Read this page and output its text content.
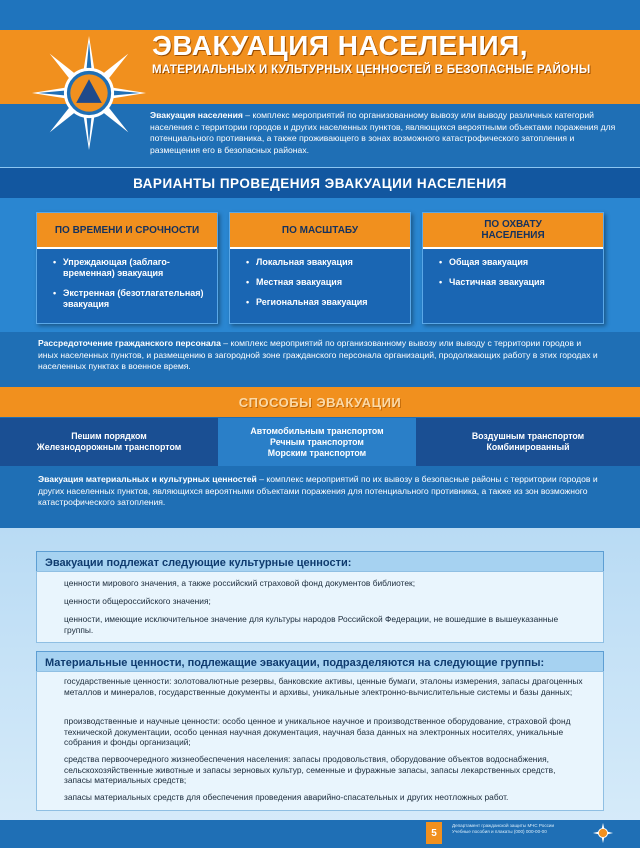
ЭВАКУАЦИЯ НАСЕЛЕНИЯ,
МАТЕРИАЛЬНЫХ И КУЛЬТУРНЫХ ЦЕННОСТЕЙ В БЕЗОПАСНЫЕ РАЙОНЫ
Эвакуация населения – комплекс мероприятий по организованному вывозу или выводу различных категорий населения с территории городов и других населенных пунктов, являющихся вероятными объектами поражения для потенциального противника, а также проживающего в зонах возможного катастрофического затопления и размещения его в безопасных районах.
ВАРИАНТЫ ПРОВЕДЕНИЯ ЭВАКУАЦИИ НАСЕЛЕНИЯ
ПО ВРЕМЕНИ И СРОЧНОСТИ
• Упреждающая (заблаго-временная) эвакуация
• Экстренная (безотлагательная) эвакуация
ПО МАСШТАБУ
• Локальная эвакуация
• Местная эвакуация
• Региональная эвакуация
ПО ОХВАТУ НАСЕЛЕНИЯ
• Общая эвакуация
• Частичная эвакуация
Рассредоточение гражданского персонала – комплекс мероприятий по организованному вывозу или выводу с территории городов и иных населенных пунктов, и размещению в загородной зоне гражданского персонала организаций, продолжающих работу в этих городах и населенных пунктах в военное время.
СПОСОБЫ ЭВАКУАЦИИ
Пешим порядком
Железнодорожным транспортом
Автомобильным транспортом
Речным транспортом
Морским транспортом
Воздушным транспортом
Комбинированный
Эвакуация материальных и культурных ценностей – комплекс мероприятий по их вывозу в безопасные районы с территории городов и других населенных пунктов, являющихся вероятными объектами поражения для потенциального противника, а также из зон возможного катастрофического затопления.
Эвакуации подлежат следующие культурные ценности:
ценности мирового значения, а также российский страховой фонд документов библиотек;
ценности общероссийского значения;
ценности, имеющие исключительное значение для культуры народов Российской Федерации, не вошедшие в вышеуказанные группы.
Материальные ценности, подлежащие эвакуации, подразделяются на следующие группы:
государственные ценности: золотовалютные резервы, банковские активы, ценные бумаги, эталоны измерения, запасы драгоценных металлов и минералов, государственные документы и архивы, уникальные электронно-вычислительные системы и базы данных;
производственные и научные ценности: особо ценное и уникальное научное и производственное оборудование, страховой фонд технической документации, особо ценная научная документация, научная база данных на электронных носителях, уникальные собрания и фонды организаций;
средства первоочередного жизнеобеспечения населения: запасы продовольствия, оборудование объектов водоснабжения, сельскохозяйственные животные и запасы зерновых культур, семенные и фуражные запасы, запасы лекарственных средств, запасы материальных средств;
запасы материальных средств для обеспечения проведения аварийно-спасательных и других неотложных работ.
5
Департамент гражданской защиты МЧС России
Учебные пособия и плакаты (000) 000-00-00
